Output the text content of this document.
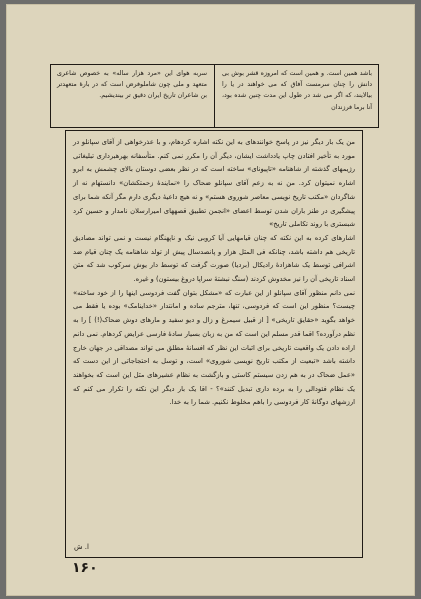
باشد همین است. و همین است که امروزه قشر بوش بی دانش را چنان سرمست آفاق که می خواهند در یا را بیالایند، که اگر می شد در طول این مدت چنین شده بود، آنا برما فرزندان
سربه هوای این «مرد هزار ساله» به خصوص شاعری متعهد و ملی چون شاملوفرض است که در بارهٔ متعهدتر بن شاعران تاریخ ایران دقیق تر بیندیشیم.
من یک بار دیگر نیز در پاسخ خوانندهای به این نکته اشاره کردهام، و با عذرخواهی از آقای سپانلو در مورد به تأخیر افتادن چاپ یادداشت ایشان، دیگر آن را مکرر نمی کنم. متأسفانه بهرهبرداری تبلیغاتی رژیمهای گذشته از شاهنامه «تاپیونای» ساخته است که در نظر بعضی دوستان بالای چشمش به ابرو اشاره نمیتوان کرد. من نه به زعم آقای سپانلو ضحاک را «نمایندهٔ زحمتکشان» دانستهام نه از شاگردان «مکتب تاریخ نویسی معاصر شوروی هستم» و نه هیچ داعیهٔ دیگری دارم مگر آنکه شما برای پیشگیری در طنز باران شدن توسط اعضای «انجمن تطبیق قصههای امیرارسلان نامدار و حسین کرد شبستری با روند تکاملی تاریخ»
اشارهای کرده به این نکته که چنان قیامهایی آیا کروبی نیک و ناپهنگام نیست و نمی تواند مصادیق تاریخی هم داشته باشد، چنانکه فی المثل هزار و پانصدسال پیش از تولد شاهنامه یک چنان قیام ضد اشرافی توسط یک شاهزادهٔ رادیکال (بردیا) صورت گرفت که توسط دار یوش سرکوب شد که متن اسناد تاریخی آن را نیز مخدوش کردند (سنگ نبشتهٔ سراپا دروغ بیستون) و غیره.
نمی دانم منظور آقای سپانلو از این عبارت که «مشکل بتوان گفت فردوسی اینها را از خود ساخته» چیست؟ منظور این است که فردوسی، تنها، مترجم ساده و امانتدار «خداینامک» بوده یا فقط می خواهد بگوید «حقایق تاریخی» [ از قبیل سیمرغ و زال و دیو سفید و مارهای دوش ضحاک(!) ] را به نظم درآورده؟ اقما قدر مسلم این است که من به زبان بسیار سادهٔ فارسی عرایض کردهام. نمی دانم اراده دادن یک واقعیت تاریخی برای اثبات این نظر که افسانهٔ مطلق می تواند مصداقی در جهان خارج داشته باشد «تبعیت از مکتب تاریخ نویسی شوروی» است، و توسل به احتجاجاتی از این دست که «عمل ضحاک در به هم زدن سیستم کاستی و بازگشت به نظام عشیرهای مثل این است که بخواهند یک نظام فئودالی را به برده داری تبدیل کنند»؟ - اقا یک بار دیگر این نکته را تکرار می کنم که ارزشهای دوگانهٔ کار فردوسی را باهم مخلوط نکنیم. شما را به خدا.
ا. ش
۱۶۰
